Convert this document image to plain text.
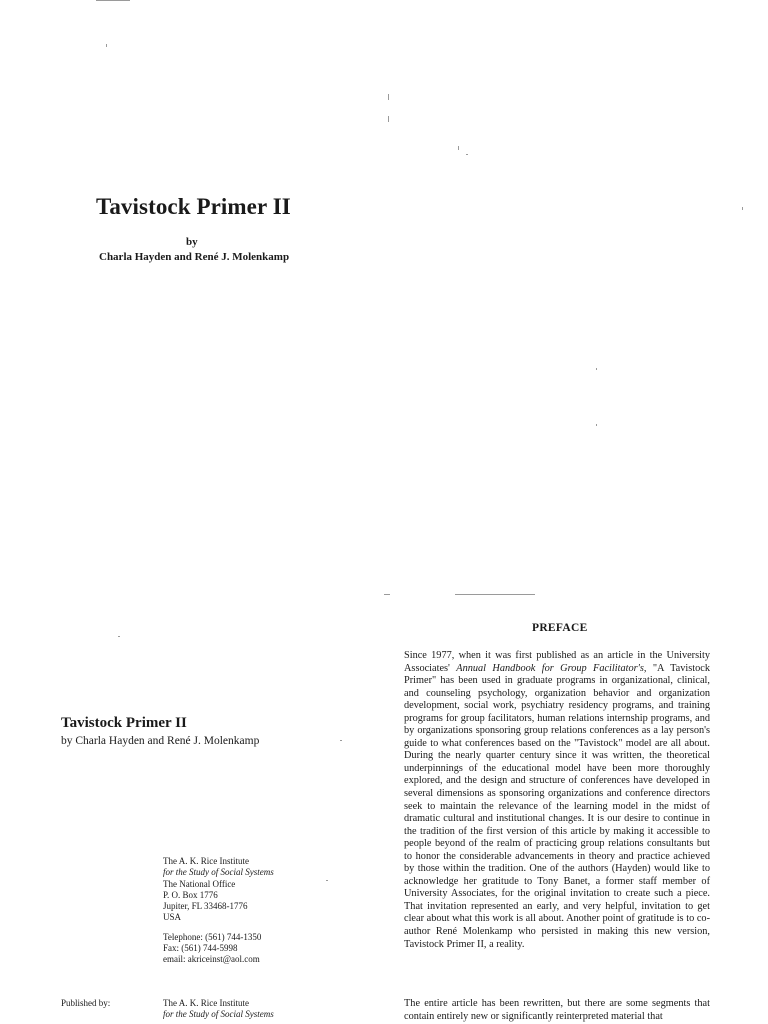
Tavistock Primer II
by
Charla Hayden and René J. Molenkamp
Tavistock Primer II
by Charla Hayden and René J. Molenkamp
The A. K. Rice Institute
for the Study of Social Systems
The National Office
P. O. Box 1776
Jupiter, FL 33468-1776
USA
Telephone: (561) 744-1350
Fax: (561) 744-5998
email: akriceinst@aol.com
Published by:	The A. K. Rice Institute
for the Study of Social Systems
PREFACE

Since 1977, when it was first published as an article in the University Associates' Annual Handbook for Group Facilitator's, "A Tavistock Primer" has been used in graduate programs in organizational, clinical, and counseling psychology, organization behavior and organization development, social work, psychiatry residency programs, and training programs for group facilitators, human relations internship programs, and by organizations sponsoring group relations conferences as a lay person's guide to what conferences based on the "Tavistock" model are all about. During the nearly quarter century since it was written, the theoretical underpinnings of the educational model have been more thoroughly explored, and the design and structure of conferences have developed in several dimensions as sponsoring organizations and conference directors seek to maintain the relevance of the learning model in the midst of dramatic cultural and institutional changes. It is our desire to continue in the tradition of the first version of this article by making it accessible to people beyond of the realm of practicing group relations consultants but to honor the considerable advancements in theory and practice achieved by those within the tradition. One of the authors (Hayden) would like to acknowledge her gratitude to Tony Banet, a former staff member of University Associates, for the original invitation to create such a piece. That invitation represented an early, and very helpful, invitation to get clear about what this work is all about. Another point of gratitude is to co-author René Molenkamp who persisted in making this new version, Tavistock Primer II, a reality.

The entire article has been rewritten, but there are some segments that contain entirely new or significantly reinterpreted material that
